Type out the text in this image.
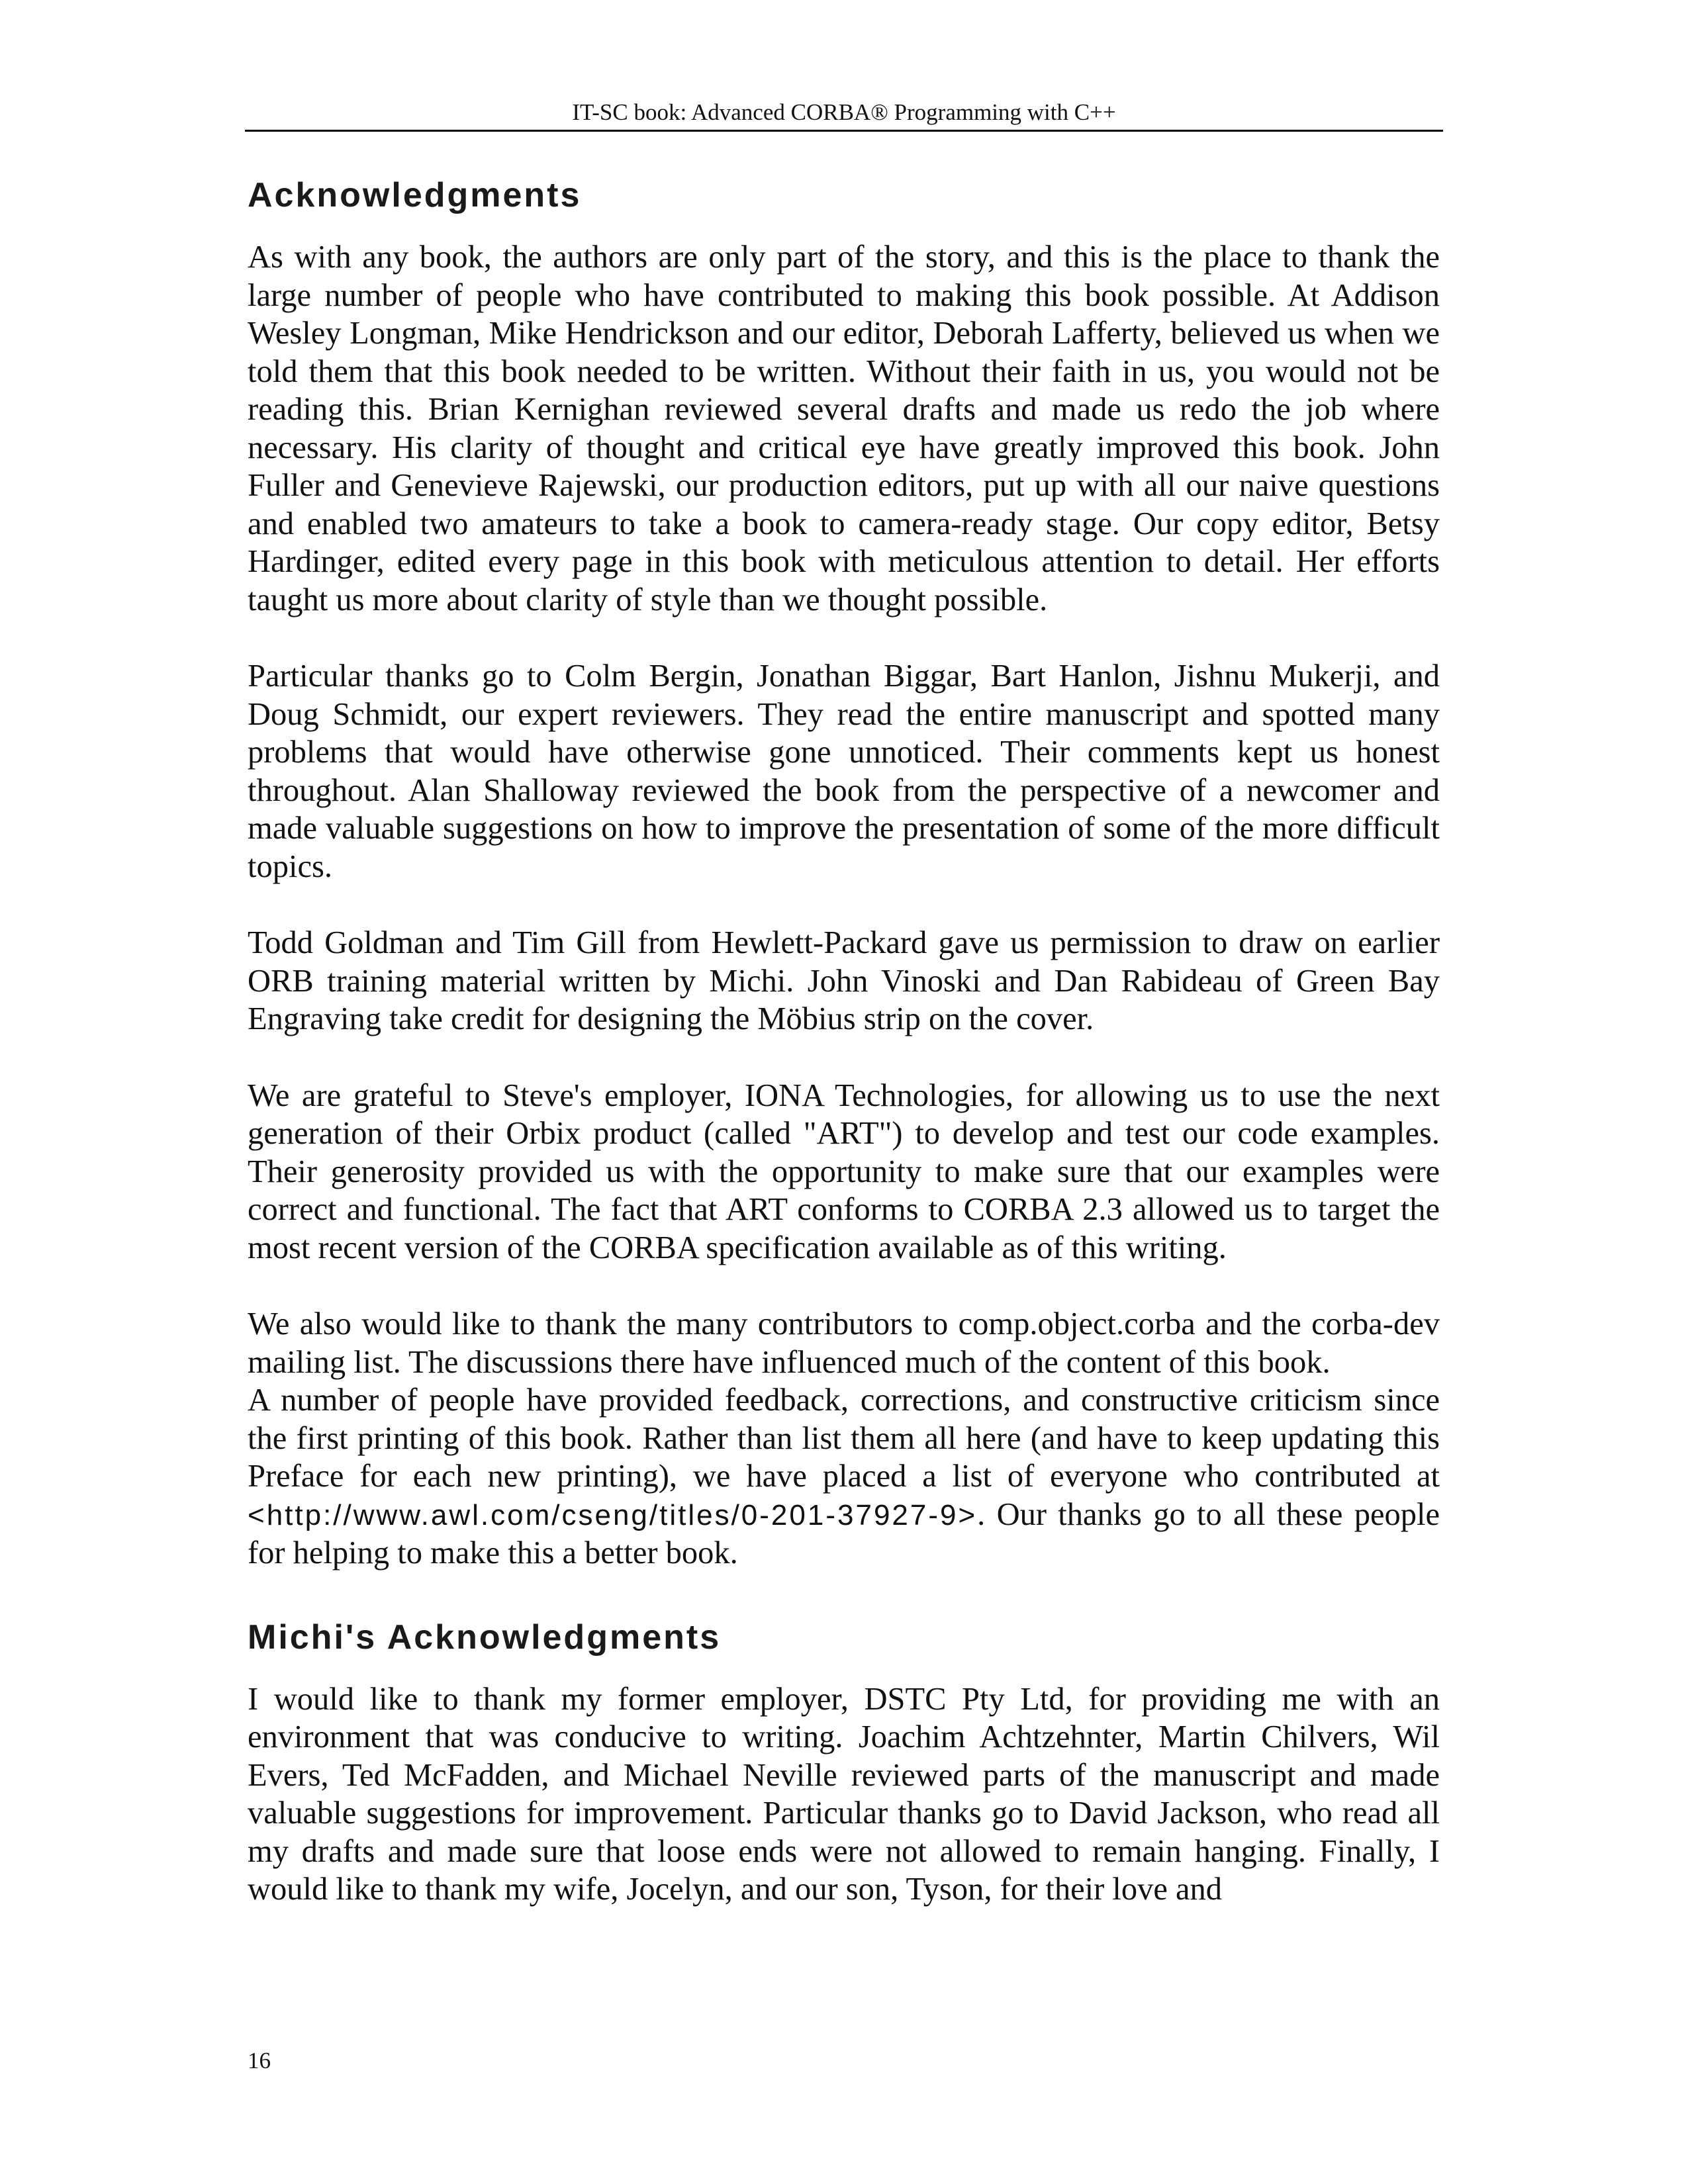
IT-SC book: Advanced CORBA® Programming with C++
Acknowledgments

As with any book, the authors are only part of the story, and this is the place to thank the large number of people who have contributed to making this book possible. At Addison Wesley Longman, Mike Hendrickson and our editor, Deborah Lafferty, believed us when we told them that this book needed to be written. Without their faith in us, you would not be reading this. Brian Kernighan reviewed several drafts and made us redo the job where necessary. His clarity of thought and critical eye have greatly improved this book. John Fuller and Genevieve Rajewski, our production editors, put up with all our naive questions and enabled two amateurs to take a book to camera-ready stage. Our copy editor, Betsy Hardinger, edited every page in this book with meticulous attention to detail. Her efforts taught us more about clarity of style than we thought possible.

Particular thanks go to Colm Bergin, Jonathan Biggar, Bart Hanlon, Jishnu Mukerji, and Doug Schmidt, our expert reviewers. They read the entire manuscript and spotted many problems that would have otherwise gone unnoticed. Their comments kept us honest throughout. Alan Shalloway reviewed the book from the perspective of a newcomer and made valuable suggestions on how to improve the presentation of some of the more difficult topics.

Todd Goldman and Tim Gill from Hewlett-Packard gave us permission to draw on earlier ORB training material written by Michi. John Vinoski and Dan Rabideau of Green Bay Engraving take credit for designing the Möbius strip on the cover.

We are grateful to Steve's employer, IONA Technologies, for allowing us to use the next generation of their Orbix product (called "ART") to develop and test our code examples. Their generosity provided us with the opportunity to make sure that our examples were correct and functional. The fact that ART conforms to CORBA 2.3 allowed us to target the most recent version of the CORBA specification available as of this writing.

We also would like to thank the many contributors to comp.object.corba and the corba-dev mailing list. The discussions there have influenced much of the content of this book.

A number of people have provided feedback, corrections, and constructive criticism since the first printing of this book. Rather than list them all here (and have to keep updating this Preface for each new printing), we have placed a list of everyone who contributed at <http://www.awl.com/cseng/titles/0-201-37927-9>. Our thanks go to all these people for helping to make this a better book.

Michi's Acknowledgments

I would like to thank my former employer, DSTC Pty Ltd, for providing me with an environment that was conducive to writing. Joachim Achtzehnter, Martin Chilvers, Wil Evers, Ted McFadden, and Michael Neville reviewed parts of the manuscript and made valuable suggestions for improvement. Particular thanks go to David Jackson, who read all my drafts and made sure that loose ends were not allowed to remain hanging. Finally, I would like to thank my wife, Jocelyn, and our son, Tyson, for their love and

16
